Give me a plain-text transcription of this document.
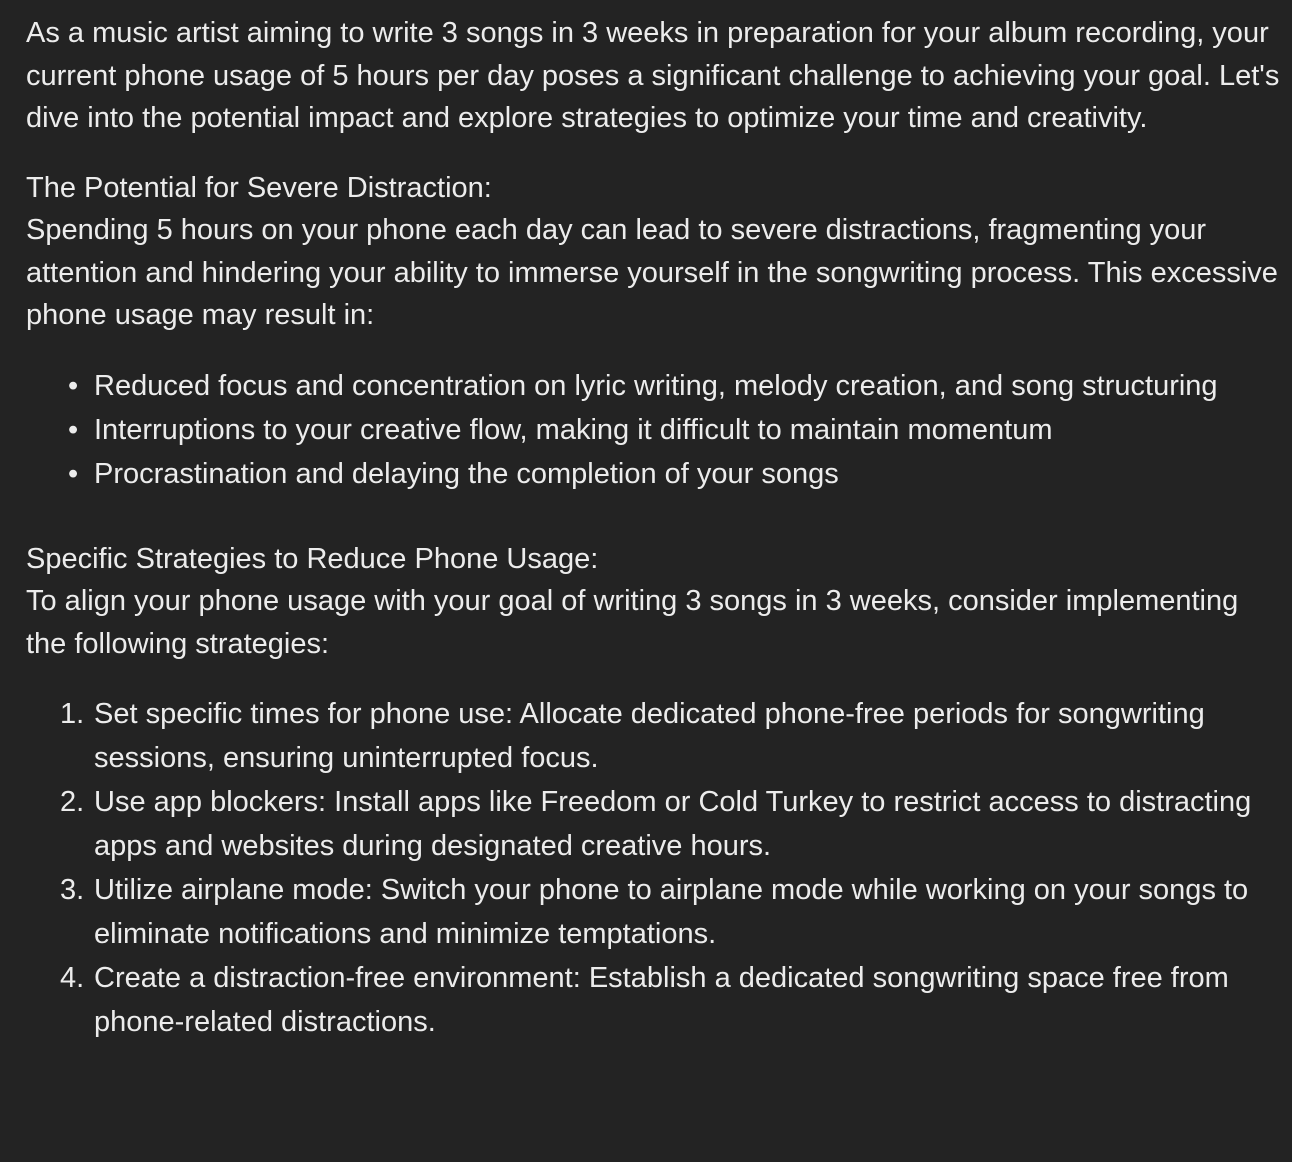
As a music artist aiming to write 3 songs in 3 weeks in preparation for your album recording, your current phone usage of 5 hours per day poses a significant challenge to achieving your goal. Let's dive into the potential impact and explore strategies to optimize your time and creativity.

The Potential for Severe Distraction:

Spending 5 hours on your phone each day can lead to severe distractions, fragmenting your attention and hindering your ability to immerse yourself in the songwriting process. This excessive phone usage may result in:

• Reduced focus and concentration on lyric writing, melody creation, and song structuring
• Interruptions to your creative flow, making it difficult to maintain momentum
• Procrastination and delaying the completion of your songs

Specific Strategies to Reduce Phone Usage:

To align your phone usage with your goal of writing 3 songs in 3 weeks, consider implementing the following strategies:

1. Set specific times for phone use: Allocate dedicated phone-free periods for songwriting sessions, ensuring uninterrupted focus.
2. Use app blockers: Install apps like Freedom or Cold Turkey to restrict access to distracting apps and websites during designated creative hours.
3. Utilize airplane mode: Switch your phone to airplane mode while working on your songs to eliminate notifications and minimize temptations.
4. Create a distraction-free environment: Establish a dedicated songwriting space free from phone-related distractions.
